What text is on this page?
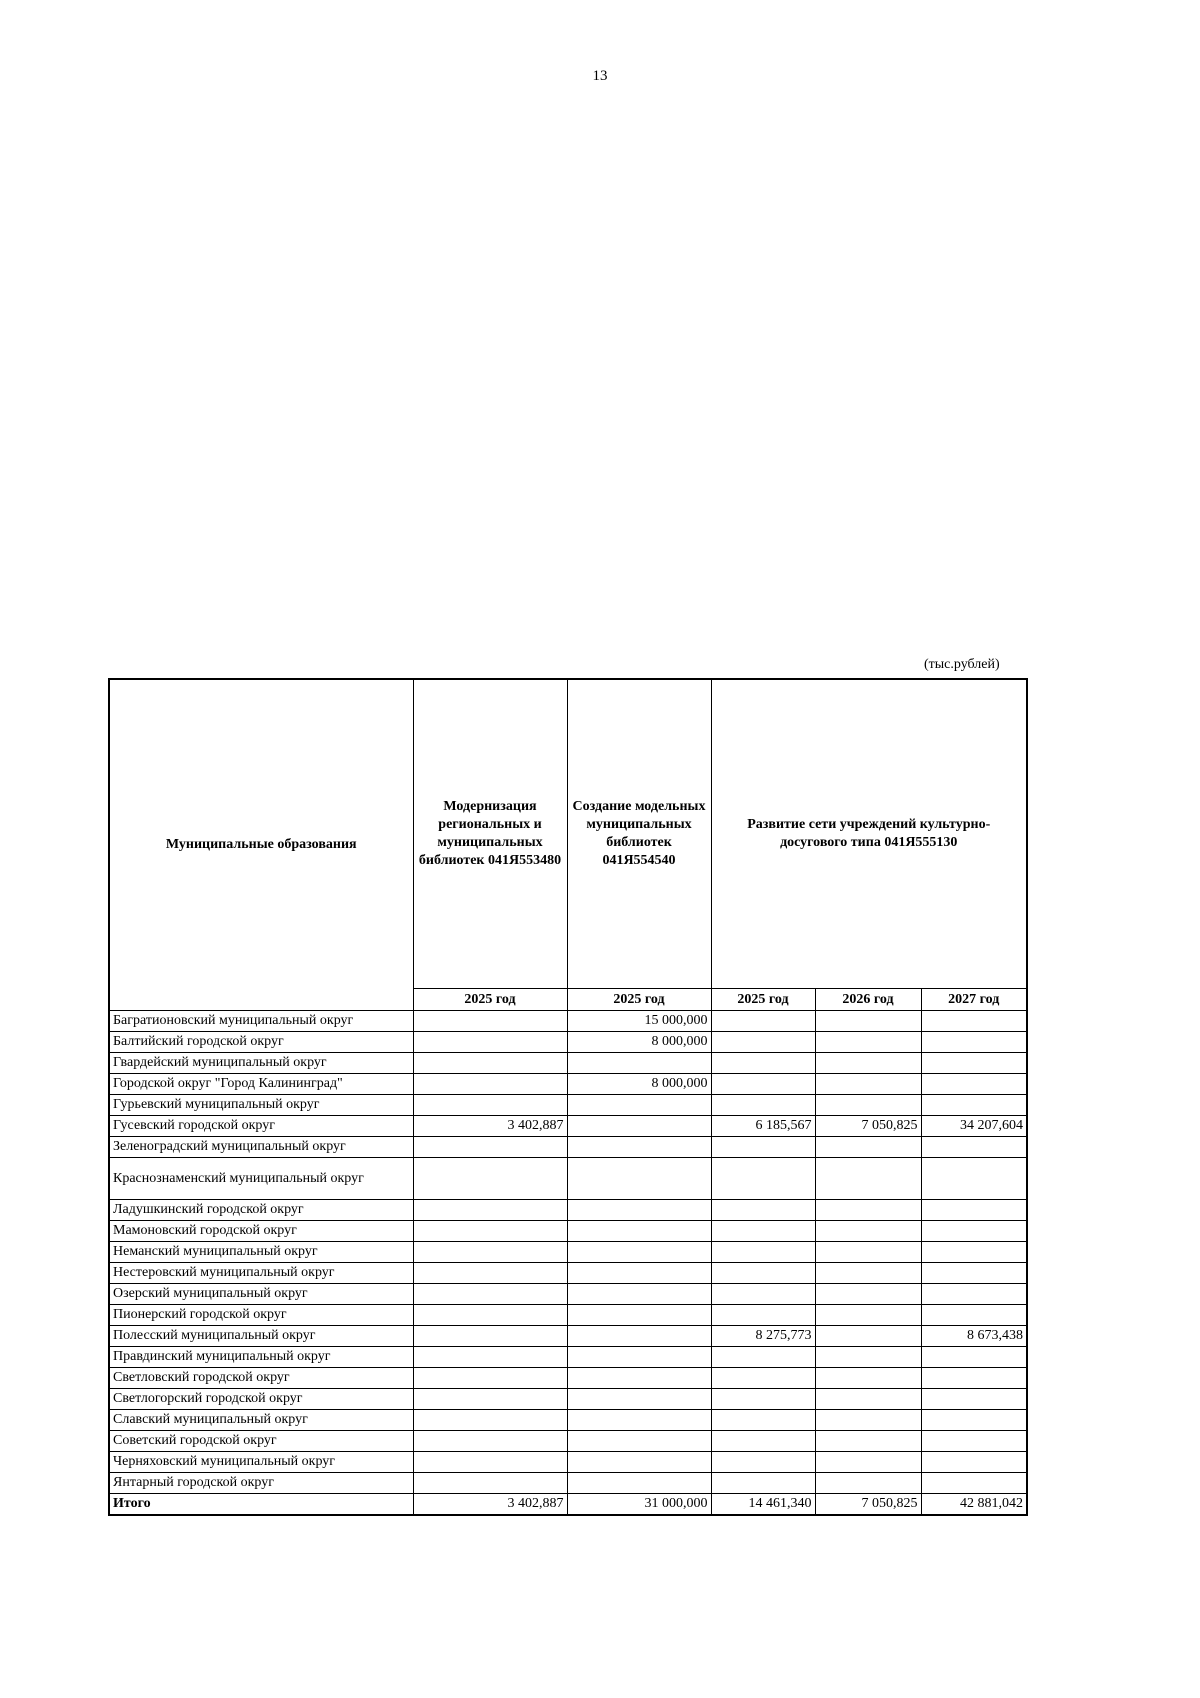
13
(тыс.рублей)
Муниципальные образования	Модернизация региональных и муниципальных библиотек 041Я553480	Создание модельных муниципальных библиотек 041Я554540	Развитие сети учреждений культурно-досугового типа 041Я555130		
	2025 год	2025 год	2025 год	2026 год	2027 год
Багратионовский муниципальный округ		15 000,000			
Балтийский городской округ		8 000,000			
Гвардейский муниципальный округ					
Городской округ "Город Калининград"		8 000,000			
Гурьевский муниципальный округ					
Гусевский городской округ	3 402,887		6 185,567	7 050,825	34 207,604
Зеленоградский муниципальный округ					
Краснознаменский муниципальный округ					
Ладушкинский городской округ					
Мамоновский городской округ					
Неманский муниципальный округ					
Нестеровский муниципальный округ					
Озерский муниципальный округ					
Пионерский городской округ					
Полесский муниципальный округ			8 275,773		8 673,438
Правдинский муниципальный округ					
Светловский городской округ					
Светлогорский городской округ					
Славский муниципальный округ					
Советский городской округ					
Черняховский муниципальный округ					
Янтарный городской округ					
Итого	3 402,887	31 000,000	14 461,340	7 050,825	42 881,042
